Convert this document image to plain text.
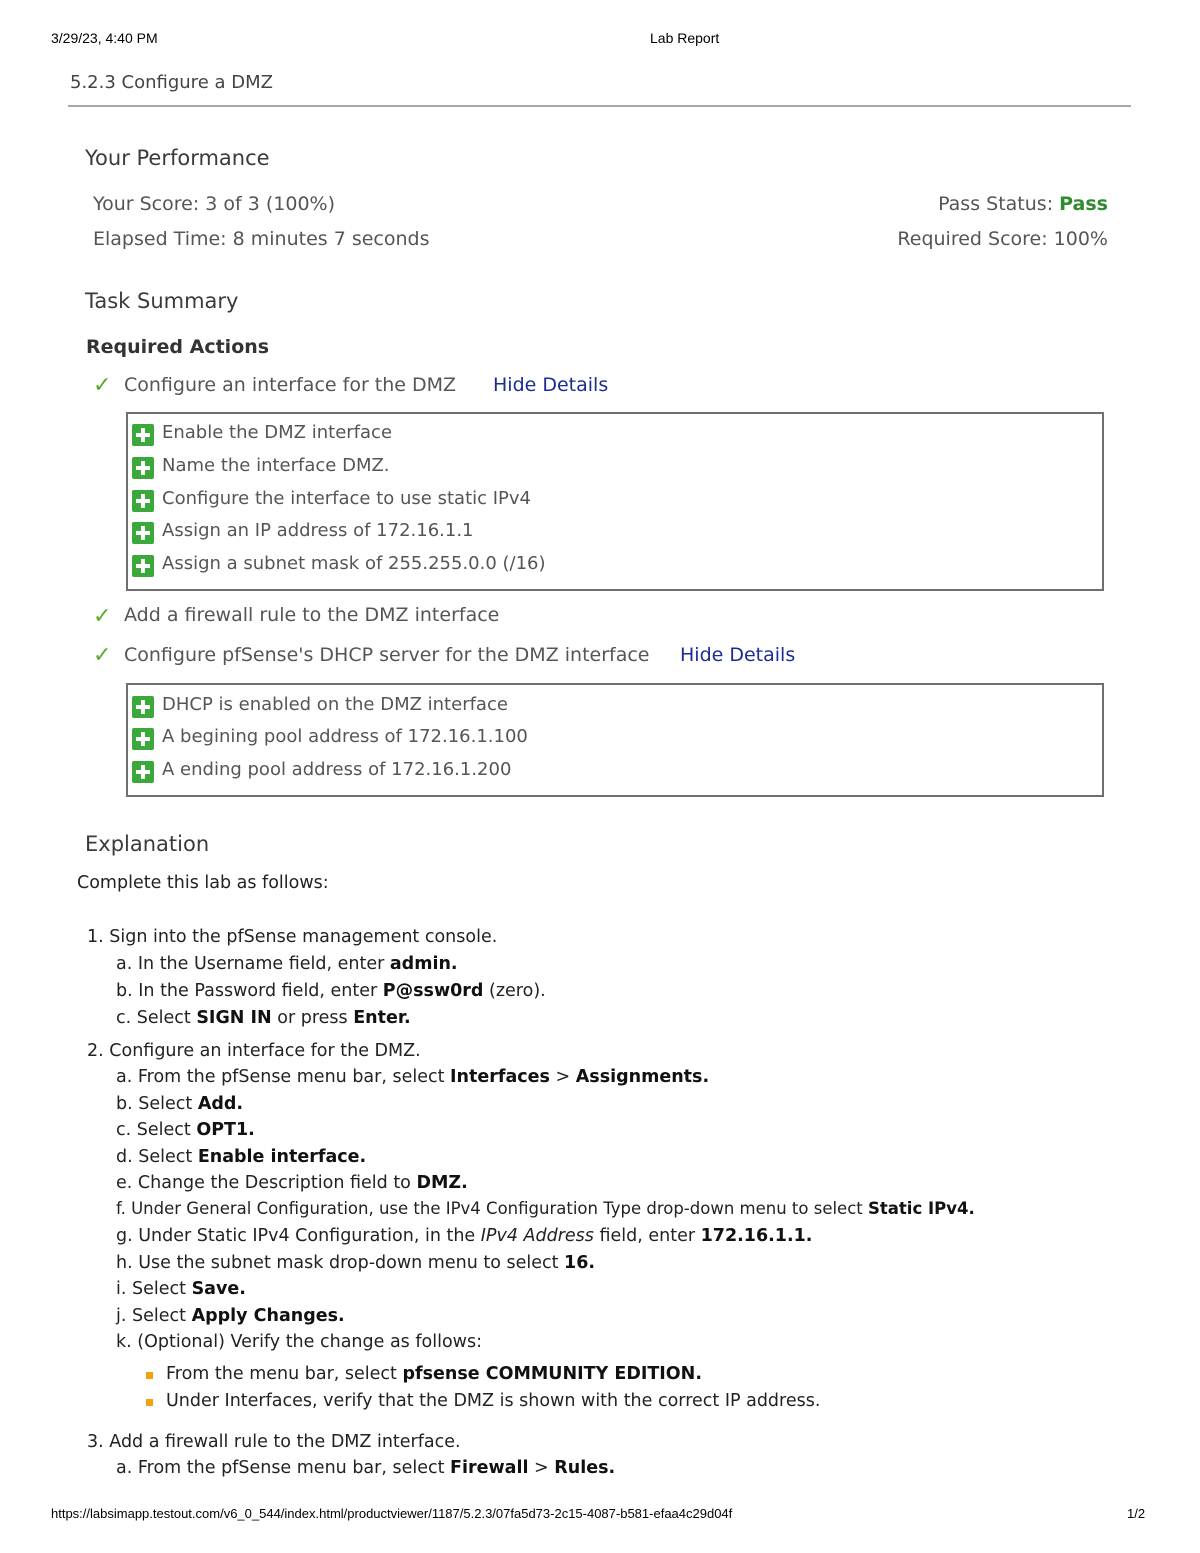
3/29/23, 4:40 PM	Lab Report
5.2.3 Configure a DMZ
Your Performance
Your Score: 3 of 3 (100%)
Elapsed Time: 8 minutes 7 seconds
Pass Status: Pass
Required Score: 100%
Task Summary
Required Actions
✓ Configure an interface for the DMZ Hide Details
Enable the DMZ interface
Name the interface DMZ.
Configure the interface to use static IPv4
Assign an IP address of 172.16.1.1
Assign a subnet mask of 255.255.0.0 (/16)
✓ Add a firewall rule to the DMZ interface
✓ Configure pfSense's DHCP server for the DMZ interface Hide Details
DHCP is enabled on the DMZ interface
A begining pool address of 172.16.1.100
A ending pool address of 172.16.1.200
Explanation
Complete this lab as follows:
1. Sign into the pfSense management console.
a. In the Username field, enter admin.
b. In the Password field, enter P@ssw0rd (zero).
c. Select SIGN IN or press Enter.
2. Configure an interface for the DMZ.
a. From the pfSense menu bar, select Interfaces > Assignments.
b. Select Add.
c. Select OPT1.
d. Select Enable interface.
e. Change the Description field to DMZ.
f. Under General Configuration, use the IPv4 Configuration Type drop-down menu to select Static IPv4.
g. Under Static IPv4 Configuration, in the IPv4 Address field, enter 172.16.1.1.
h. Use the subnet mask drop-down menu to select 16.
i. Select Save.
j. Select Apply Changes.
k. (Optional) Verify the change as follows:
From the menu bar, select pfsense COMMUNITY EDITION.
Under Interfaces, verify that the DMZ is shown with the correct IP address.
3. Add a firewall rule to the DMZ interface.
a. From the pfSense menu bar, select Firewall > Rules.
https://labsimapp.testout.com/v6_0_544/index.html/productviewer/1187/5.2.3/07fa5d73-2c15-4087-b581-efaa4c29d04f	1/2
